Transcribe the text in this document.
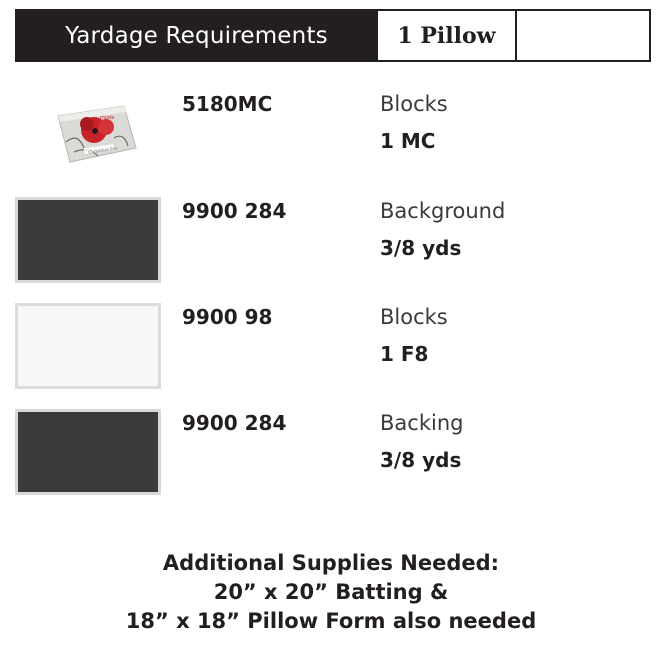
Yardage Requirements	1 Pillow
moda
Christmas Eve
5180MC	Blocks
1 MC
9900 284	Background
3/8 yds
9900 98	Blocks
1 F8
9900 284	Backing
3/8 yds
Additional Supplies Needed:
20” x 20” Batting &
18” x 18” Pillow Form also needed
